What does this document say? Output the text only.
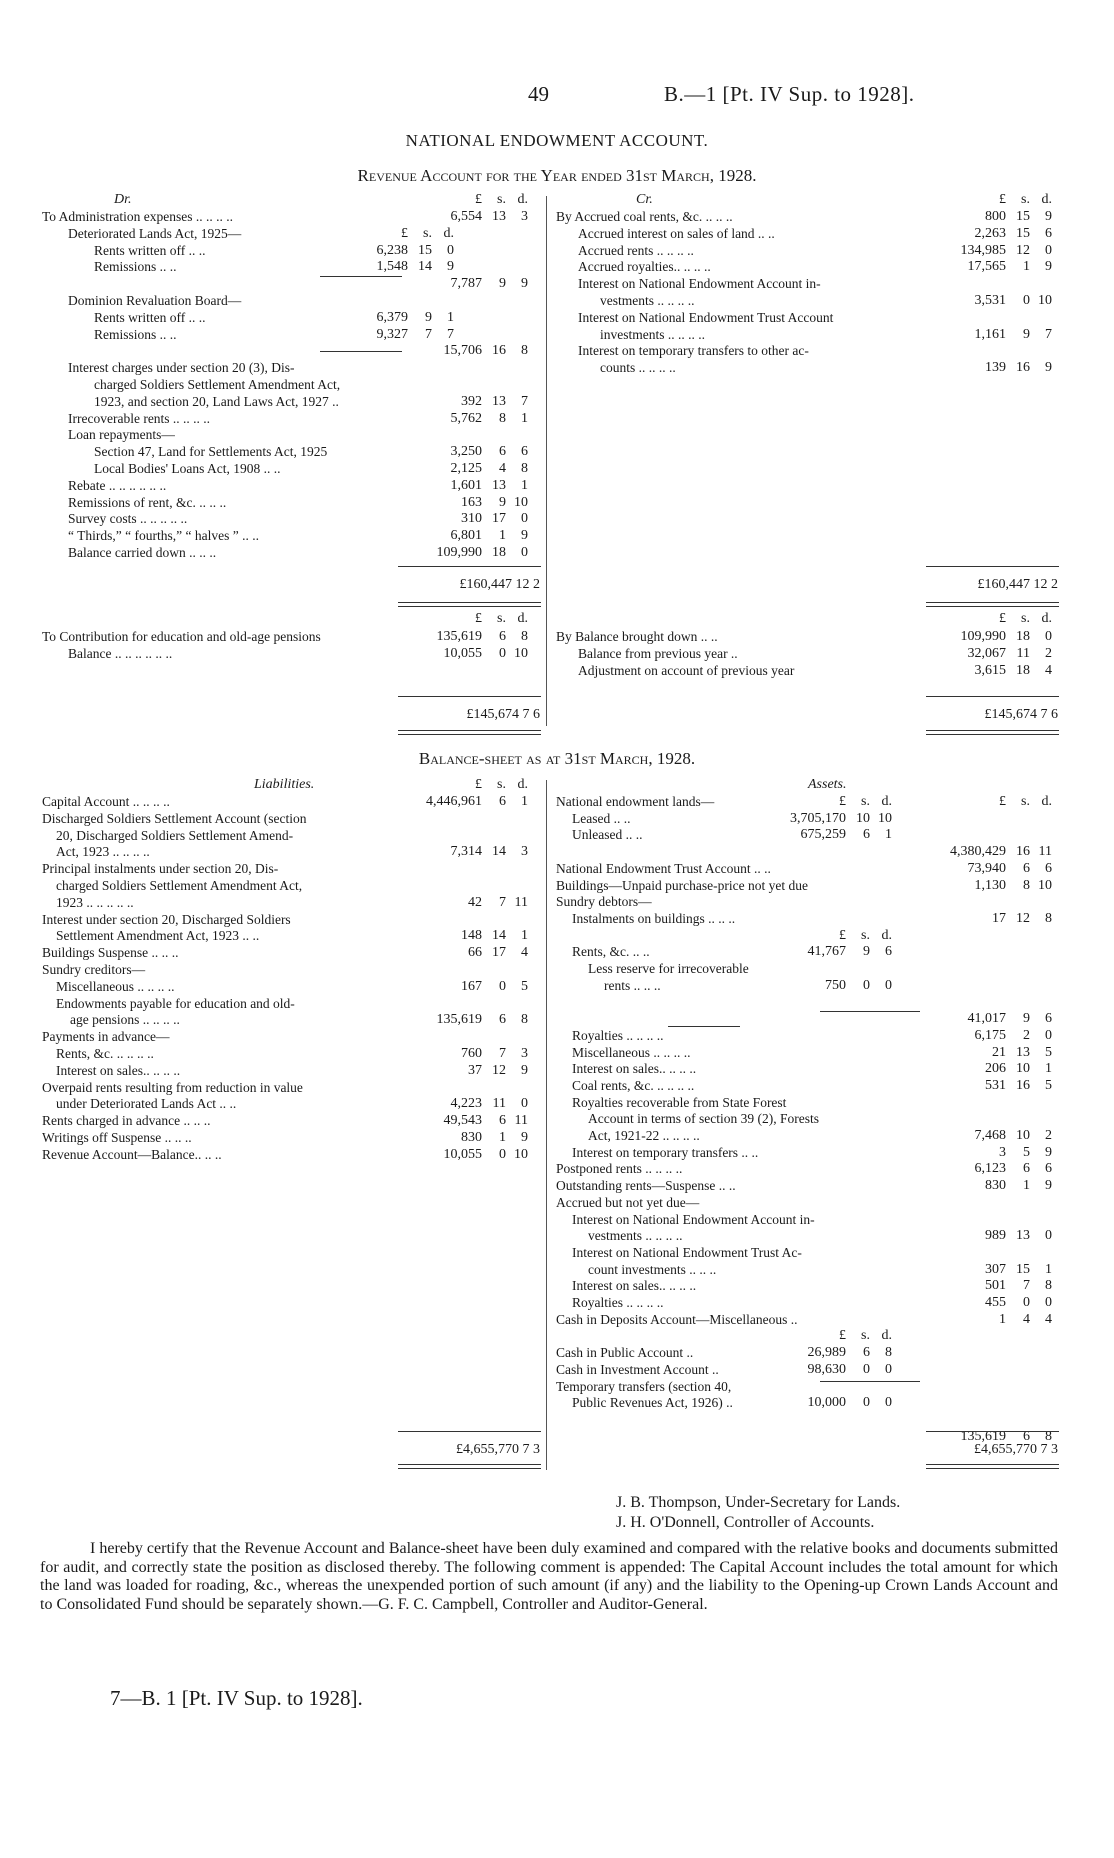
49	B.—1 [Pt. IV Sup. to 1928].
NATIONAL ENDOWMENT ACCOUNT.
Revenue Account for the Year ended 31st March, 1928.
Dr.	Cr.
£	s. d.	£	s. d.
To Administration expenses .. .. .. ..	6,554 13	3
Deteriorated Lands Act, 1925—	£	s. d.
Rents written off .. ..	6,238 15	0
Remissions .. ..	1,548 14	9
7,787	9	9
Dominion Revaluation Board—
Rents written off .. ..	6,379	9	1
Remissions .. ..	9,327	7	7
15,706 16	8
Interest charges under section 20 (3), Dis-
charged Soldiers Settlement Amendment Act,
1923, and section 20, Land Laws Act, 1927 ..	392 13	7
Irrecoverable rents .. .. .. ..	5,762	8	1
Loan repayments—
Section 47, Land for Settlements Act, 1925	3,250	6	6
Local Bodies' Loans Act, 1908 .. ..	2,125	4	8
Rebate .. .. .. .. .. ..	1,601 13	1
Remissions of rent, &c. .. .. ..	163	9 10
Survey costs .. .. .. .. ..	310 17	0
“ Thirds,” “ fourths,” “ halves ” .. ..	6,801	1	9
Balance carried down .. .. ..	109,990 18	0
By Accrued coal rents, &c. .. .. ..	800 15	9
Accrued interest on sales of land .. ..	2,263 15	6
Accrued rents .. .. .. ..	134,985 12	0
Accrued royalties.. .. .. ..	17,565	1	9
Interest on National Endowment Account in-
vestments .. .. .. ..	3,531	0 10
Interest on National Endowment Trust Account
investments .. .. .. ..	1,161	9	7
Interest on temporary transfers to other ac-
counts .. .. .. ..	139 16	9
£160,447 12 2	£160,447 12 2
£	s. d.	£	s. d.
To Contribution for education and old-age pensions	135,619	6	8
Balance .. .. .. .. .. ..	10,055	0 10
By Balance brought down .. ..	109,990 18	0
Balance from previous year ..	32,067 11	2
Adjustment on account of previous year	3,615 18	4
£145,674 7 6	£145,674 7 6
Balance-sheet as at 31st March, 1928.
Liabilities.	Assets.
£	s. d.
Capital Account .. .. .. ..	4,446,961	6	1
Discharged Soldiers Settlement Account (section
20, Discharged Soldiers Settlement Amend-
Act, 1923 .. .. .. ..	7,314 14	3
Principal instalments under section 20, Dis-
charged Soldiers Settlement Amendment Act,
1923 .. .. .. .. ..	42	7 11
Interest under section 20, Discharged Soldiers
Settlement Amendment Act, 1923 .. ..	148 14	1
Buildings Suspense .. .. ..	66 17	4
Sundry creditors—
Miscellaneous .. .. .. ..	167	0	5
Endowments payable for education and old-
age pensions .. .. .. ..	135,619	6	8
Payments in advance—
Rents, &c. .. .. .. ..	760	7	3
Interest on sales.. .. .. ..	37 12	9
Overpaid rents resulting from reduction in value
under Deteriorated Lands Act .. ..	4,223 11	0
Rents charged in advance .. .. ..	49,543	6 11
Writings off Suspense .. .. ..	830	1	9
Revenue Account—Balance.. .. ..	10,055	0 10
National endowment lands—	£	s. d.	£	s. d.
Leased .. ..	3,705,170 10 10
Unleased .. ..	675,259	6	1
4,380,429 16 11
National Endowment Trust Account .. ..	73,940	6	6
Buildings—Unpaid purchase-price not yet due	1,130	8 10
Sundry debtors—
Instalments on buildings .. .. ..	17 12	8
£	s. d.
Rents, &c. .. ..	41,767	9	6
Less reserve for irrecoverable
rents .. .. ..	750	0	0
41,017	9	6
Royalties .. .. .. ..	6,175	2	0
Miscellaneous .. .. .. ..	21 13	5
Interest on sales.. .. .. ..	206 10	1
Coal rents, &c. .. .. .. ..	531 16	5
Royalties recoverable from State Forest
Account in terms of section 39 (2), Forests
Act, 1921-22 .. .. .. ..	7,468 10	2
Interest on temporary transfers .. ..	3	5	9
Postponed rents .. .. .. ..	6,123	6	6
Outstanding rents—Suspense .. ..	830	1	9
Accrued but not yet due—
Interest on National Endowment Account in-
vestments .. .. .. ..	989 13	0
Interest on National Endowment Trust Ac-
count investments .. .. ..	307 15	1
Interest on sales.. .. .. ..	501	7	8
Royalties .. .. .. ..	455	0	0
Cash in Deposits Account—Miscellaneous ..	1	4	4
£	s. d.
Cash in Public Account ..	26,989	6	8
Cash in Investment Account ..	98,630	0	0
Temporary transfers (section 40,
Public Revenues Act, 1926) ..	10,000	0	0
135,619	6	8
£4,655,770 7 3	£4,655,770 7 3
J. B. Thompson, Under-Secretary for Lands.
J. H. O'Donnell, Controller of Accounts.
I hereby certify that the Revenue Account and Balance-sheet have been duly examined and compared with the relative books and documents submitted for audit, and correctly state the position as disclosed thereby. The following comment is appended: The Capital Account includes the total amount for which the land was loaded for roading, &c., whereas the unexpended portion of such amount (if any) and the liability to the Opening-up Crown Lands Account and to Consolidated Fund should be separately shown.—G. F. C. Campbell, Controller and Auditor-General.
7—B. 1 [Pt. IV Sup. to 1928].
